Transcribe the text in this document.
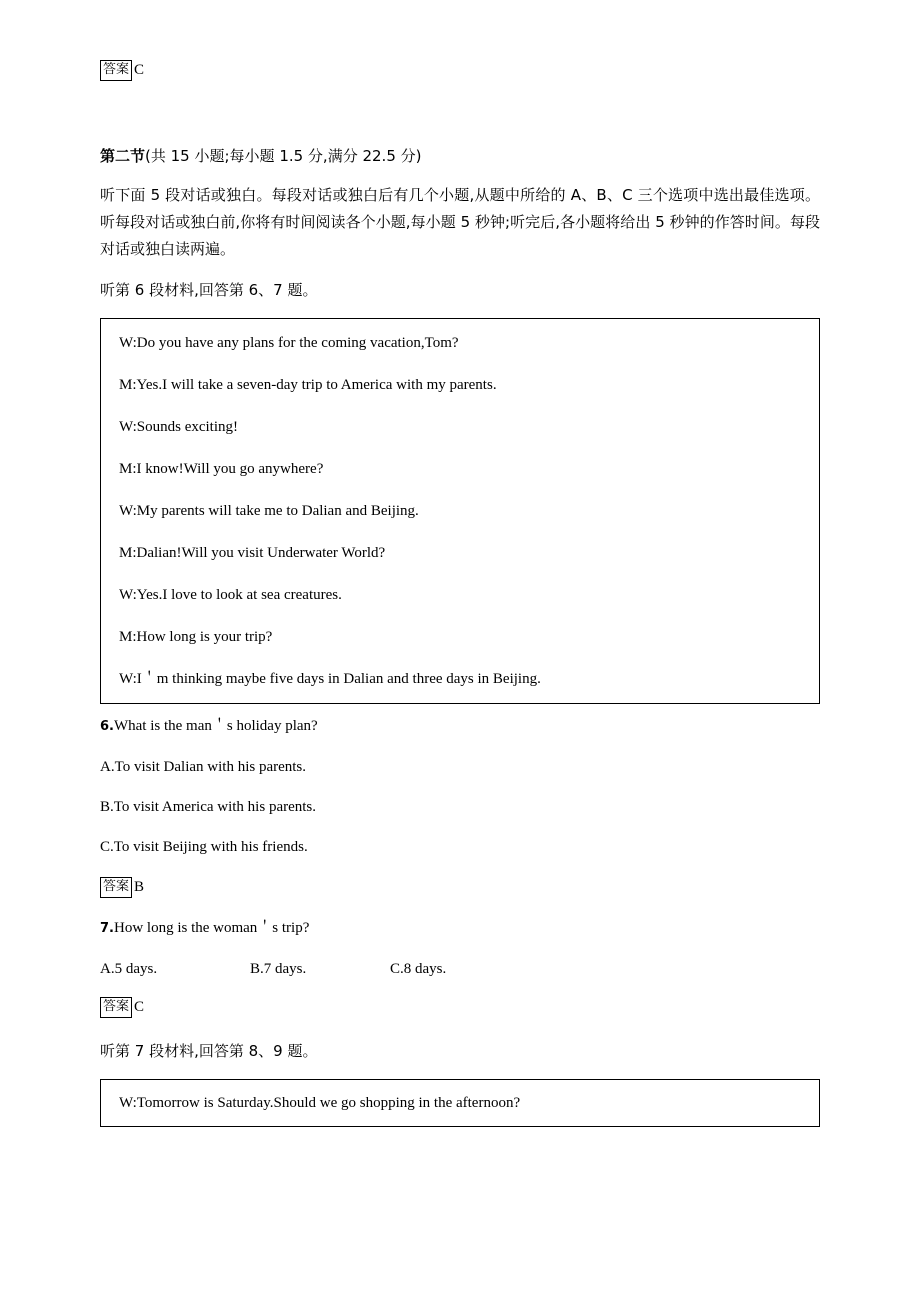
答案 C
第二节(共 15 小题;每小题 1.5 分,满分 22.5 分)
听下面 5 段对话或独白。每段对话或独白后有几个小题,从题中所给的 A、B、C 三个选项中选出最佳选项。听每段对话或独白前,你将有时间阅读各个小题,每小题 5 秒钟;听完后,各小题将给出 5 秒钟的作答时间。每段对话或独白读两遍。
听第 6 段材料,回答第 6、7 题。
W:Do you have any plans for the coming vacation,Tom?
M:Yes.I will take a seven-day trip to America with my parents.
W:Sounds exciting!
M:I know!Will you go anywhere?
W:My parents will take me to Dalian and Beijing.
M:Dalian!Will you visit Underwater World?
W:Yes.I love to look at sea creatures.
M:How long is your trip?
W:I＇m thinking maybe five days in Dalian and three days in Beijing.
6.What is the man＇s holiday plan?
A.To visit Dalian with his parents.
B.To visit America with his parents.
C.To visit Beijing with his friends.
答案 B
7.How long is the woman＇s trip?
A.5 days.	B.7 days.	C.8 days.
答案 C
听第 7 段材料,回答第 8、9 题。
W:Tomorrow is Saturday.Should we go shopping in the afternoon?
